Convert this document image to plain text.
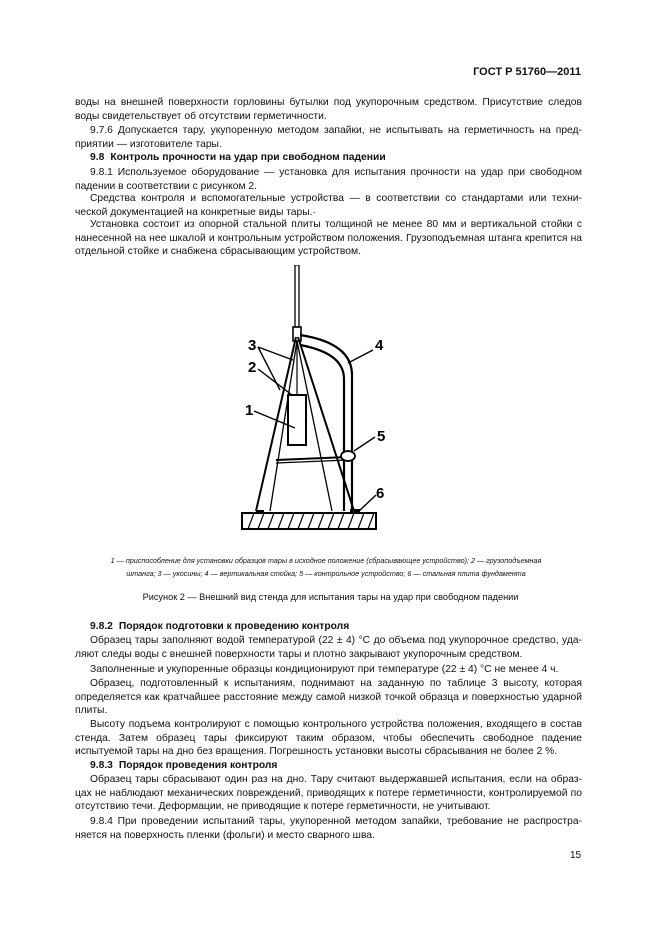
ГОСТ Р 51760—2011
воды на внешней поверхности горловины бутылки под укупорочным средством. Присутствие следов воды свидетельствует об отсутствии герметичности.
9.7.6 Допускается тару, укупоренную методом запайки, не испытывать на герметичность на пред-приятии — изготовителе тары.
9.8 Контроль прочности на удар при свободном падении
9.8.1 Используемое оборудование — установка для испытания прочности на удар при свободном падении в соответствии с рисунком 2.
Средства контроля и вспомогательные устройства — в соответствии со стандартами или техни-ческой документацией на конкретные виды тары.·
Установка состоит из опорной стальной плиты толщиной не менее 80 мм и вертикальной стойки с нанесенной на нее шкалой и контрольным устройством положения. Грузоподъемная штанга крепится на отдельной стойке и снабжена сбрасывающим устройством.
3
2
1
4
5
6
1 — приспособление для установки образцов тары в исходное положение (сбрасывающее устройство); 2 — грузоподъемная
штанга; 3 — укосины; 4 — вертикальная стойка; 5 — контрольное устройство; 6 — стальная плита фундамента
Рисунок 2 — Внешний вид стенда для испытания тары на удар при свободном падении
9.8.2 Порядок подготовки к проведению контроля
Образец тары заполняют водой температурой (22 ± 4) °С до объема под укупорочное средство, уда-ляют следы воды с внешней поверхности тары и плотно закрывают укупорочным средством.
Заполненные и укупоренные образцы кондиционируют при температуре (22 ± 4) °С не менее 4 ч.
Образец, подготовленный к испытаниям, поднимают на заданную по таблице 3 высоту, которая определяется как кратчайшее расстояние между самой низкой точкой образца и поверхностью ударной плиты.
Высоту подъема контролируют с помощью контрольного устройства положения, входящего в состав стенда. Затем образец тары фиксируют таким образом, чтобы обеспечить свободное падение испытуемой тары на дно без вращения. Погрешность установки высоты сбрасывания не более 2 %.
9.8.3 Порядок проведения контроля
Образец тары сбрасывают один раз на дно. Тару считают выдержавшей испытания, если на образ-цах не наблюдают механических повреждений, приводящих к потере герметичности, контролируемой по отсутствию течи. Деформации, не приводящие к потере герметичности, не учитывают.
9.8.4 При проведении испытаний тары, укупоренной методом запайки, требование не распростра-няется на поверхность пленки (фольги) и место сварного шва.
15
